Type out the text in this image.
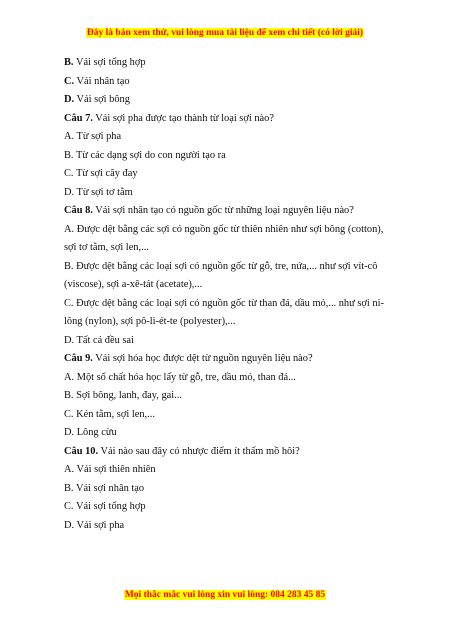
Đây là bản xem thử, vui lòng mua tài liệu để xem chi tiết (có lời giải)

B. Vải sợi tổng hợp

C. Vải nhân tạo

D. Vải sợi bông

Câu 7. Vải sợi pha được tạo thành từ loại sợi nào?

A. Từ sợi pha

B. Từ các dạng sợi do con người tạo ra

C. Từ sợi cây đay

D. Từ sợi tơ tằm

Câu 8. Vải sợi nhân tạo có nguồn gốc từ những loại nguyên liệu nào?

A. Được dệt bằng các sợi có nguồn gốc từ thiên nhiên như sợi bông (cotton),

sợi tơ tằm, sợi len,...

B. Được dệt bằng các loại sợi có nguồn gốc từ gỗ, tre, nứa,... như sợi vít-cô

(viscose), sợi a-xê-tát (acetate),...

C. Được dệt bằng các loại sợi có nguồn gốc từ than đá, dầu mỏ,... như sợi ni-

lông (nylon), sợi pô-li-ét-te (polyester),...

D. Tất cả đều sai

Câu 9. Vải sợi hóa học được dệt từ nguồn nguyên liệu nào?

A. Một số chất hóa học lấy từ gỗ, tre, dầu mỏ, than đá...

B. Sợi bông, lanh, đay, gai...

C. Kén tằm, sợi len,...

D. Lông cừu

Câu 10. Vải nào sau đây có nhược điểm ít thấm mồ hôi?

A. Vải sợi thiên nhiên

B. Vải sợi nhân tạo

C. Vải sợi tổng hợp

D. Vải sợi pha

Mọi thắc mắc vui lòng xin vui lòng: 084 283 45 85
